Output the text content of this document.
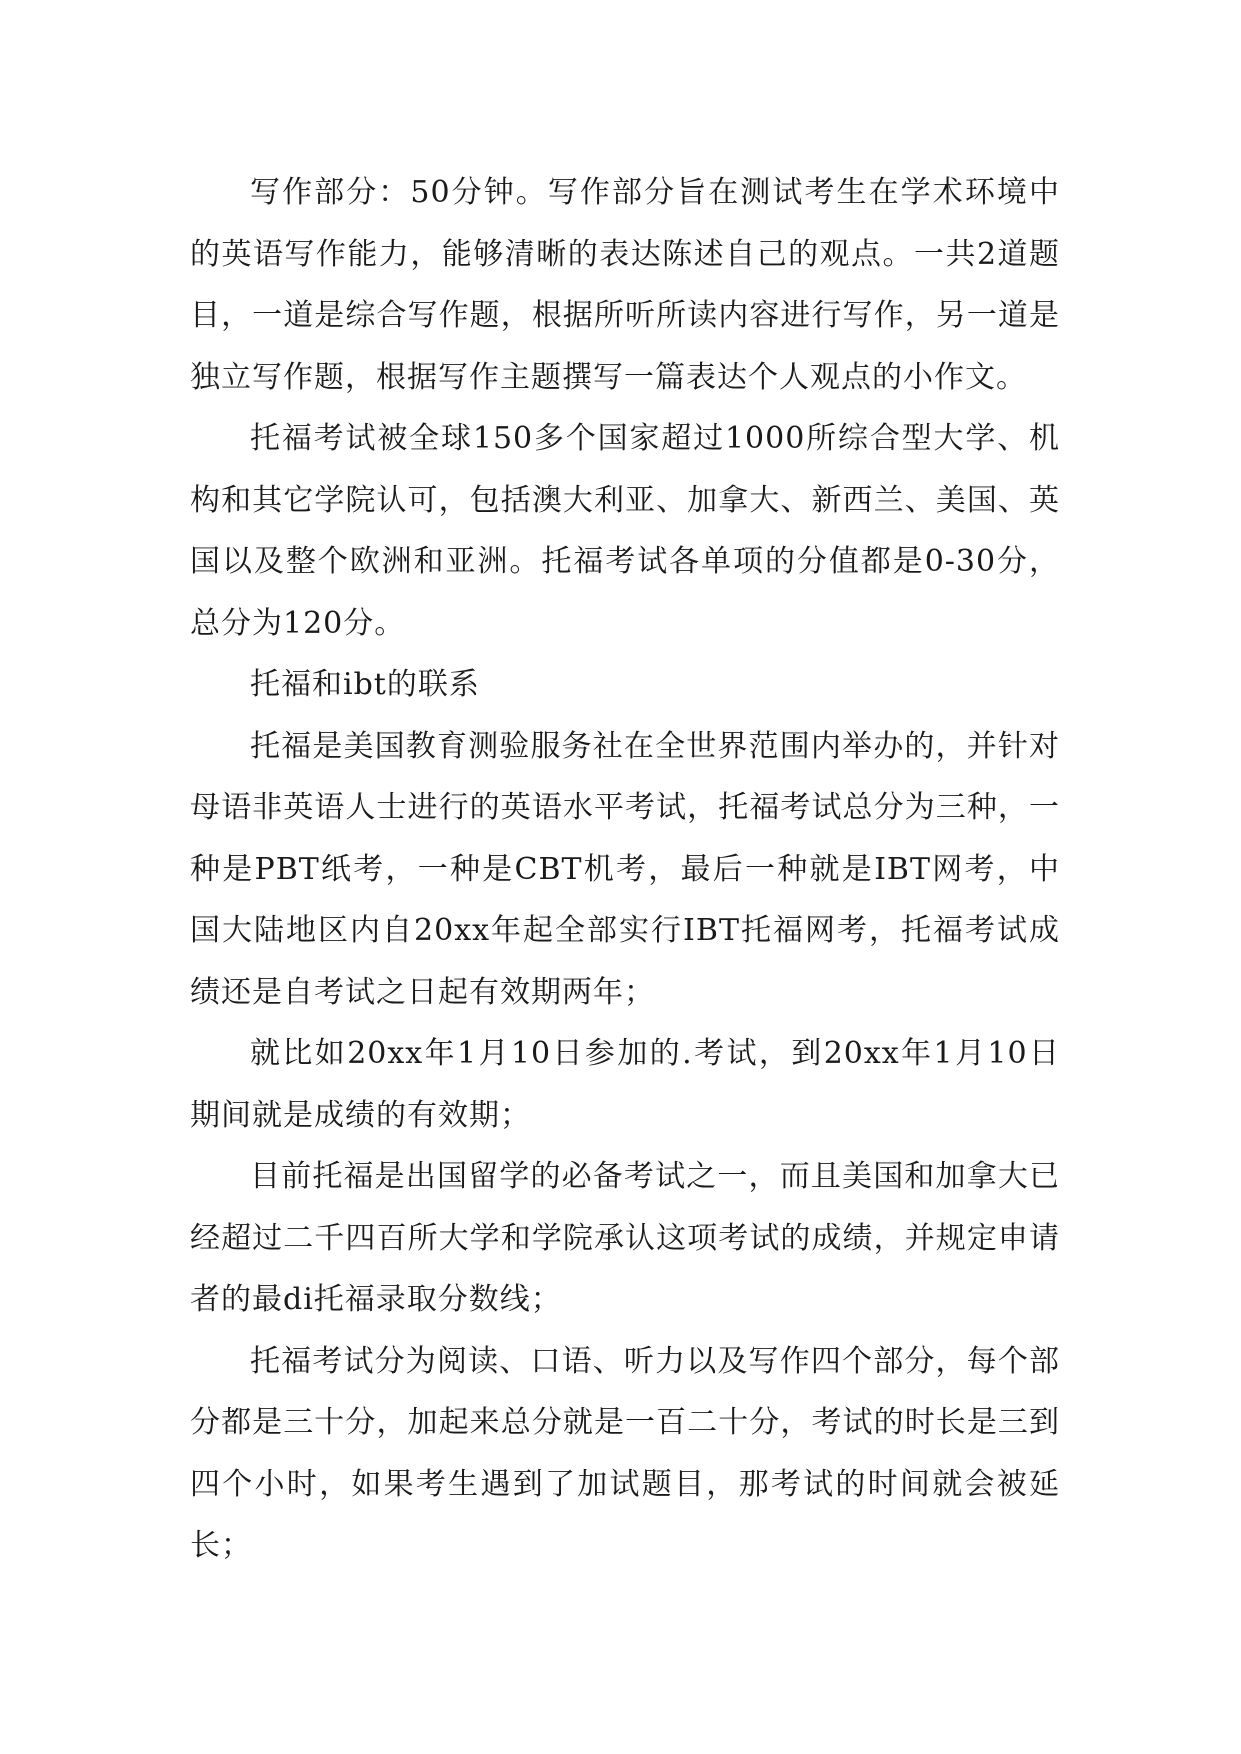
写作部分：50分钟。写作部分旨在测试考生在学术环境中的英语写作能力，能够清晰的表达陈述自己的观点。一共2道题目，一道是综合写作题，根据所听所读内容进行写作，另一道是独立写作题，根据写作主题撰写一篇表达个人观点的小作文。

托福考试被全球150多个国家超过1000所综合型大学、机构和其它学院认可，包括澳大利亚、加拿大、新西兰、美国、英国以及整个欧洲和亚洲。托福考试各单项的分值都是0-30分，总分为120分。

托福和ibt的联系

托福是美国教育测验服务社在全世界范围内举办的，并针对母语非英语人士进行的英语水平考试，托福考试总分为三种，一种是PBT纸考，一种是CBT机考，最后一种就是IBT网考，中国大陆地区内自20xx年起全部实行IBT托福网考，托福考试成绩还是自考试之日起有效期两年；

就比如20xx年1月10日参加的.考试，到20xx年1月10日期间就是成绩的有效期；

目前托福是出国留学的必备考试之一，而且美国和加拿大已经超过二千四百所大学和学院承认这项考试的成绩，并规定申请者的最di托福录取分数线；

托福考试分为阅读、口语、听力以及写作四个部分，每个部分都是三十分，加起来总分就是一百二十分，考试的时长是三到四个小时，如果考生遇到了加试题目，那考试的时间就会被延长；
